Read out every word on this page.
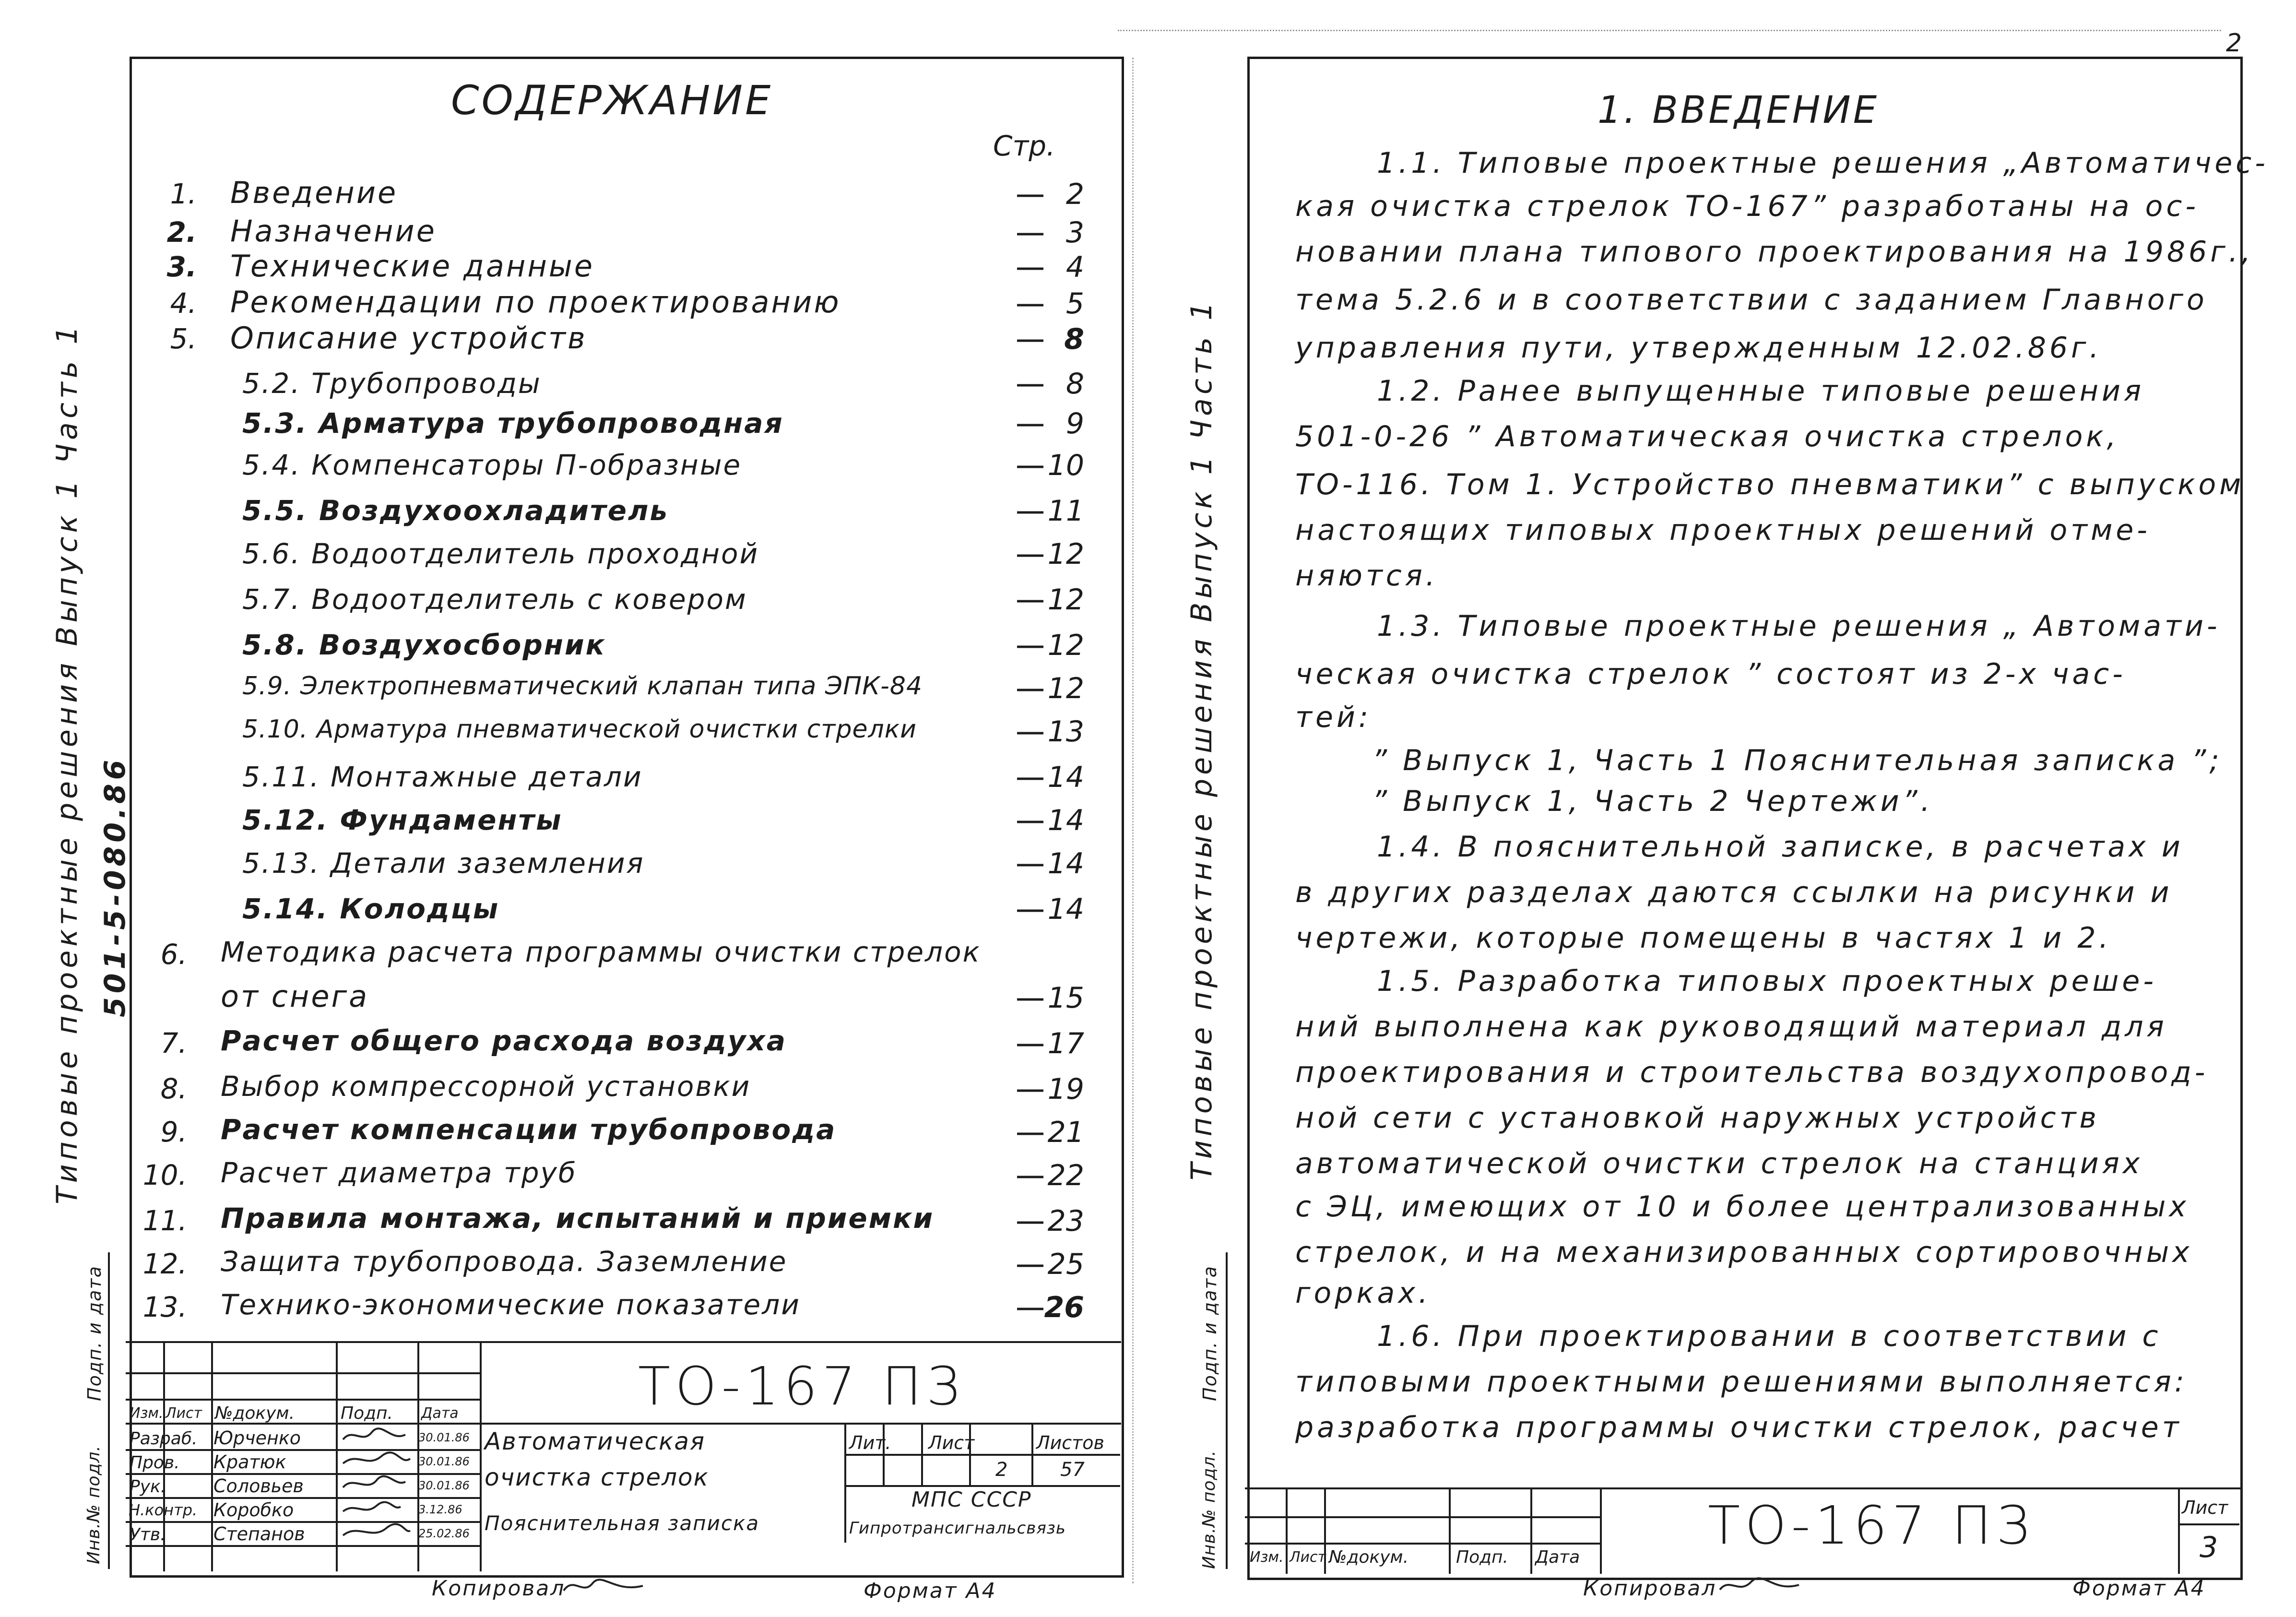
2
Типовые проектные решения Выпуск 1 Часть 1 501-5-080.86
СОДЕРЖАНИЕ
Стр.
1. Введение	2
2. Назначение	3
3. Технические данные	4
4. Рекомендации по проектированию	5
5. Описание устройств	8
5.2. Трубопроводы	8
5.3. Арматура трубопроводная	9
5.4. Компенсаторы П-образные	10
5.5. Воздухоохладитель	11
5.6. Водоотделитель проходной	12
5.7. Водоотделитель с ковером	12
5.8. Воздухосборник	12
5.9. Электропневматический клапан типа ЭПК-84	12
5.10. Арматура пневматической очистки стрелки	13
5.11. Монтажные детали	14
5.12. Фундаменты	14
5.13. Детали заземления	14
5.14. Колодцы	14
6. Методика расчета программы очистки стрелок
от снега	15
7. Расчет общего расхода воздуха	17
8. Выбор компрессорной установки	19
9. Расчет компенсации трубопровода	21
10. Расчет диаметра труб	22
11. Правила монтажа, испытаний и приемки	23
12. Защита трубопровода. Заземление	25
13. Технико-экономические показатели	26
ТО-167 ПЗ
Изм. Лист №докум.	Подп. Дата
Разраб. Юрченко	30.01.86
Пров. Кратюк	30.01.86
Рук.	Соловьев	30.01.86
Н.контр. Коробко	3.12.86
Утв.	Степанов	25.02.86
Автоматическая
очистка стрелок
Пояснительная записка
Лит. Лист	Листов
2	57
МПС СССР
Гипротрансигнальсвязь
Подп. и дата
Инв.№ подл.
Копировал	Формат А4
Типовые проектные решения Выпуск 1 Часть 1
1. ВВЕДЕНИЕ
1.1. Типовые проектные решения „Автоматичес-
кая очистка стрелок ТО-167” разработаны на ос-
новании плана типового проектирования на 1986г.,
тема 5.2.6 и в соответствии с заданием Главного
управления пути, утвержденным 12.02.86г.
1.2. Ранее выпущенные типовые решения
501-0-26 ” Автоматическая очистка стрелок,
ТО-116. Том 1. Устройство пневматики” с выпуском
настоящих типовых проектных решений отме-
няются.
1.3. Типовые проектные решения „ Автомати-
ческая очистка стрелок ” состоят из 2-х час-
тей:
” Выпуск 1, Часть 1 Пояснительная записка ”;
” Выпуск 1, Часть 2 Чертежи”.
1.4. В пояснительной записке, в расчетах и
в других разделах даются ссылки на рисунки и
чертежи, которые помещены в частях 1 и 2.
1.5. Разработка типовых проектных реше-
ний выполнена как руководящий материал для
проектирования и строительства воздухопровод-
ной сети с установкой наружных устройств
автоматической очистки стрелок на станциях
с ЭЦ, имеющих от 10 и более централизованных
стрелок, и на механизированных сортировочных
горках.
1.6. При проектировании в соответствии с
типовыми проектными решениями выполняется:
разработка программы очистки стрелок, расчет
ТО-167 ПЗ	Лист
3
Изм. Лист №докум.	Подп. Дата
Подп. и дата
Инв.№ подл.
Копировал	Формат А4
